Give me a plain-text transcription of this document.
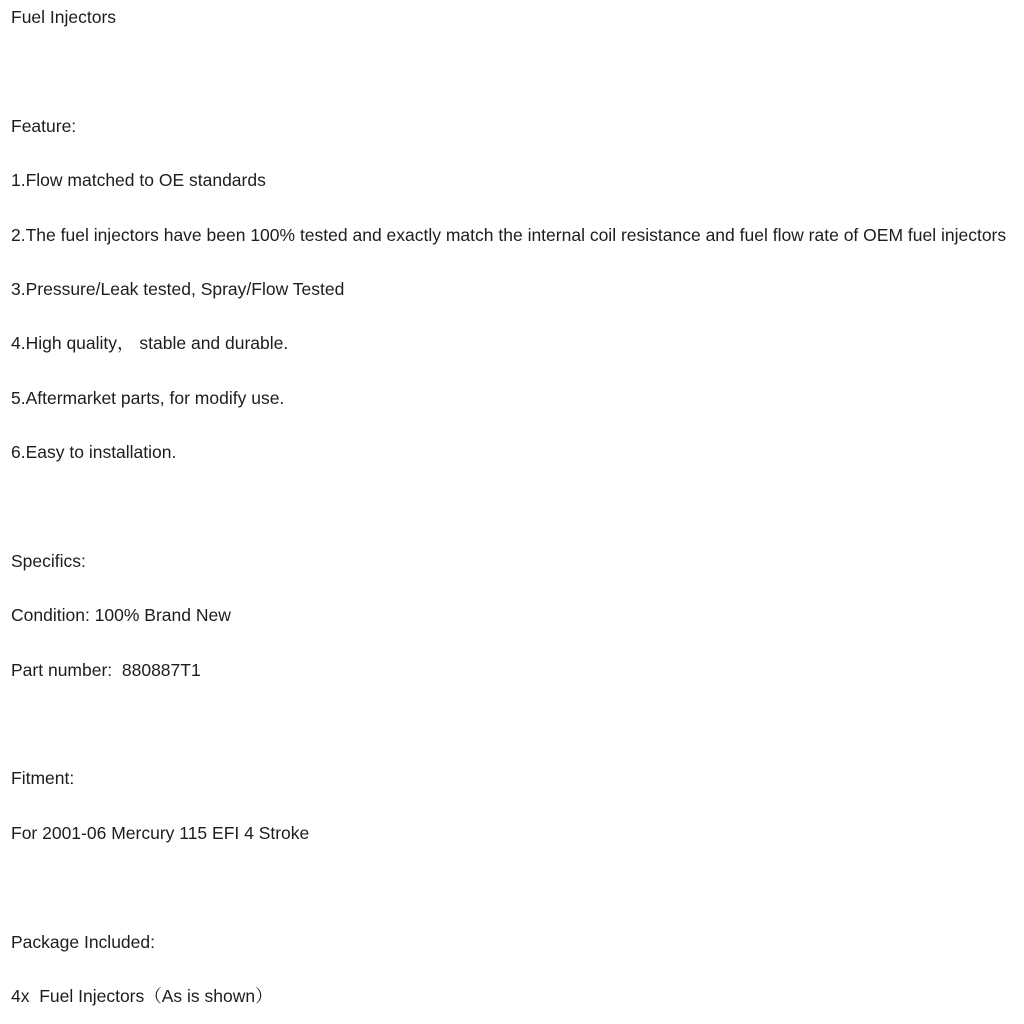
Fuel Injectors
Feature:
1.Flow matched to OE standards
2.The fuel injectors have been 100% tested and exactly match the internal coil resistance and fuel flow rate of OEM fuel injectors
3.Pressure/Leak tested, Spray/Flow Tested
4.High quality， stable and durable.
5.Aftermarket parts, for modify use.
6.Easy to installation.
Specifics:
Condition: 100% Brand New
Part number:  880887T1
Fitment:
For 2001-06 Mercury 115 EFI 4 Stroke
Package Included:
4x  Fuel Injectors（As is shown）
